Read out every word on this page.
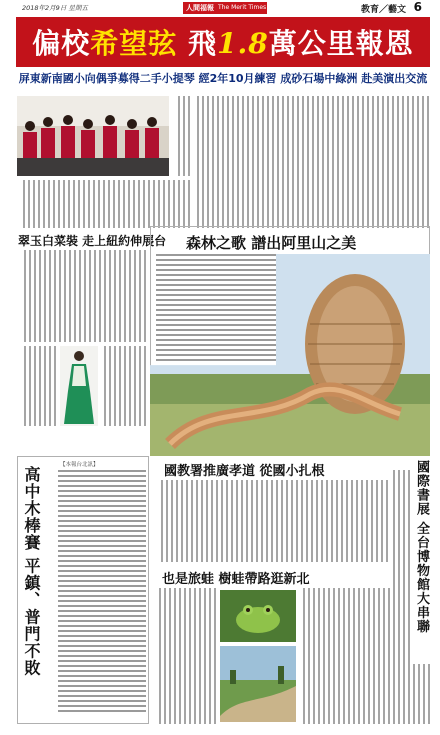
2018年2月9日 星期五	人間福報 The Merit Times	教育／藝文 6
偏校希望弦 飛1.8萬公里報恩
屏東新南國小向偶爭募得二手小提琴 經2年10月練習 成砂石場中綠洲 赴美演出交流
翠玉白菜裝 走上紐約伸展台 森林之歌 譜出阿里山之美
【本報台北訊】
高中木棒賽 平鎮、普門不敗	國教署推廣孝道 從國小扎根
也是旅蛙 樹蛙帶路逛新北	國際書展 全台博物館大串聯
